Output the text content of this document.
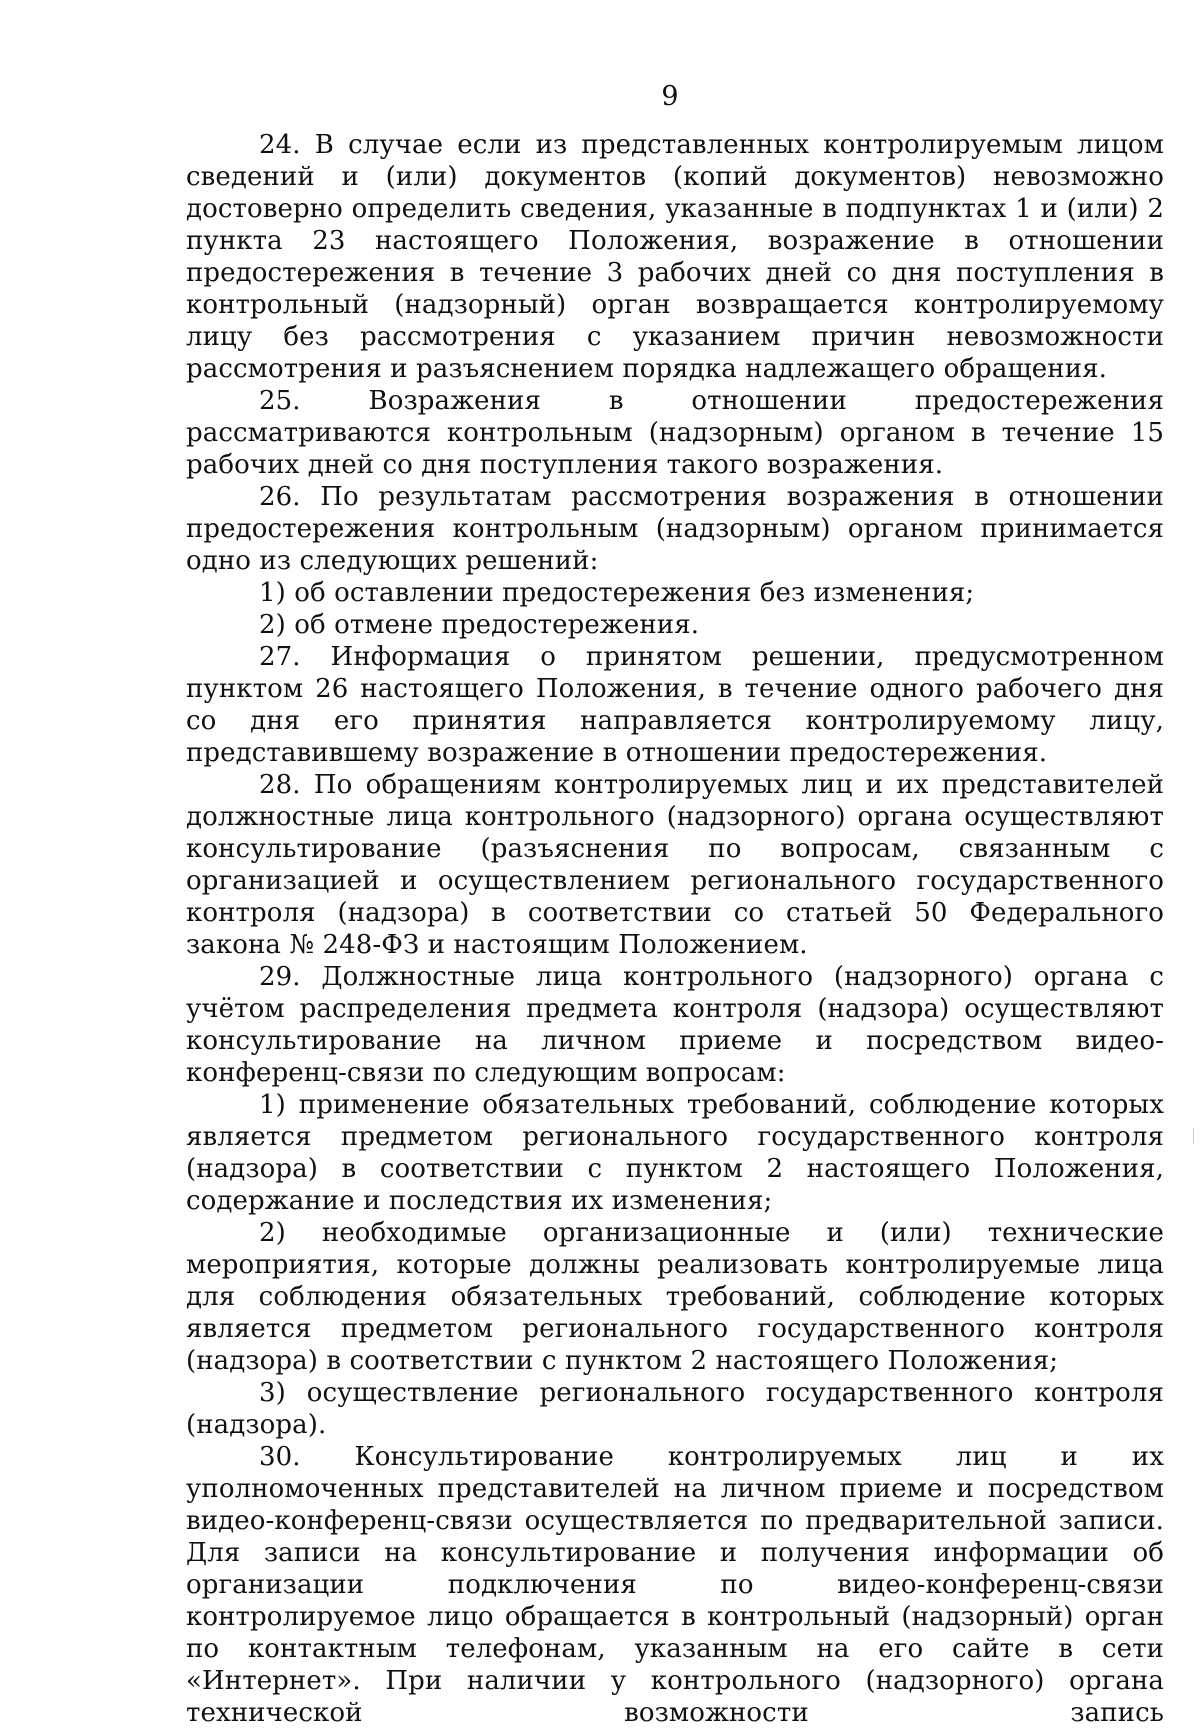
9

24. В случае если из представленных контролируемым лицом сведений и (или) документов (копий документов) невозможно достоверно определить сведения, указанные в подпунктах 1 и (или) 2 пункта 23 настоящего Положения, возражение в отношении предостережения в течение 3 рабочих дней со дня поступления в контрольный (надзорный) орган возвращается контролируемому лицу без рассмотрения с указанием причин невозможности рассмотрения и разъяснением порядка надлежащего обращения.

25. Возражения в отношении предостережения рассматриваются контрольным (надзорным) органом в течение 15 рабочих дней со дня поступления такого возражения.

26. По результатам рассмотрения возражения в отношении предостережения контрольным (надзорным) органом принимается одно из следующих решений:

1) об оставлении предостережения без изменения;

2) об отмене предостережения.

27. Информация о принятом решении, предусмотренном пунктом 26 настоящего Положения, в течение одного рабочего дня со дня его принятия направляется контролируемому лицу, представившему возражение в отношении предостережения.

28. По обращениям контролируемых лиц и их представителей должностные лица контрольного (надзорного) органа осуществляют консультирование (разъяснения по вопросам, связанным с организацией и осуществлением регионального государственного контроля (надзора) в соответствии со статьей 50 Федерального закона № 248-ФЗ и настоящим Положением.

29. Должностные лица контрольного (надзорного) органа с учётом распределения предмета контроля (надзора) осуществляют консультирование на личном приеме и посредством видео-конференц-связи по следующим вопросам:

1) применение обязательных требований, соблюдение которых является предметом регионального государственного контроля (надзора) в соответствии с пунктом 2 настоящего Положения, содержание и последствия их изменения;

2) необходимые организационные и (или) технические мероприятия, которые должны реализовать контролируемые лица для соблюдения обязательных требований, соблюдение которых является предметом регионального государственного контроля (надзора) в соответствии с пунктом 2 настоящего Положения;

3) осуществление регионального государственного контроля (надзора).

30. Консультирование контролируемых лиц и их уполномоченных представителей на личном приеме и посредством видео-конференц-связи осуществляется по предварительной записи. Для записи на консультирование и получения информации об организации подключения по видео-конференц-связи контролируемое лицо обращается в контрольный (надзорный) орган по контактным телефонам, указанным на его сайте в сети «Интернет». При наличии у контрольного (надзорного) органа технической возможности запись
